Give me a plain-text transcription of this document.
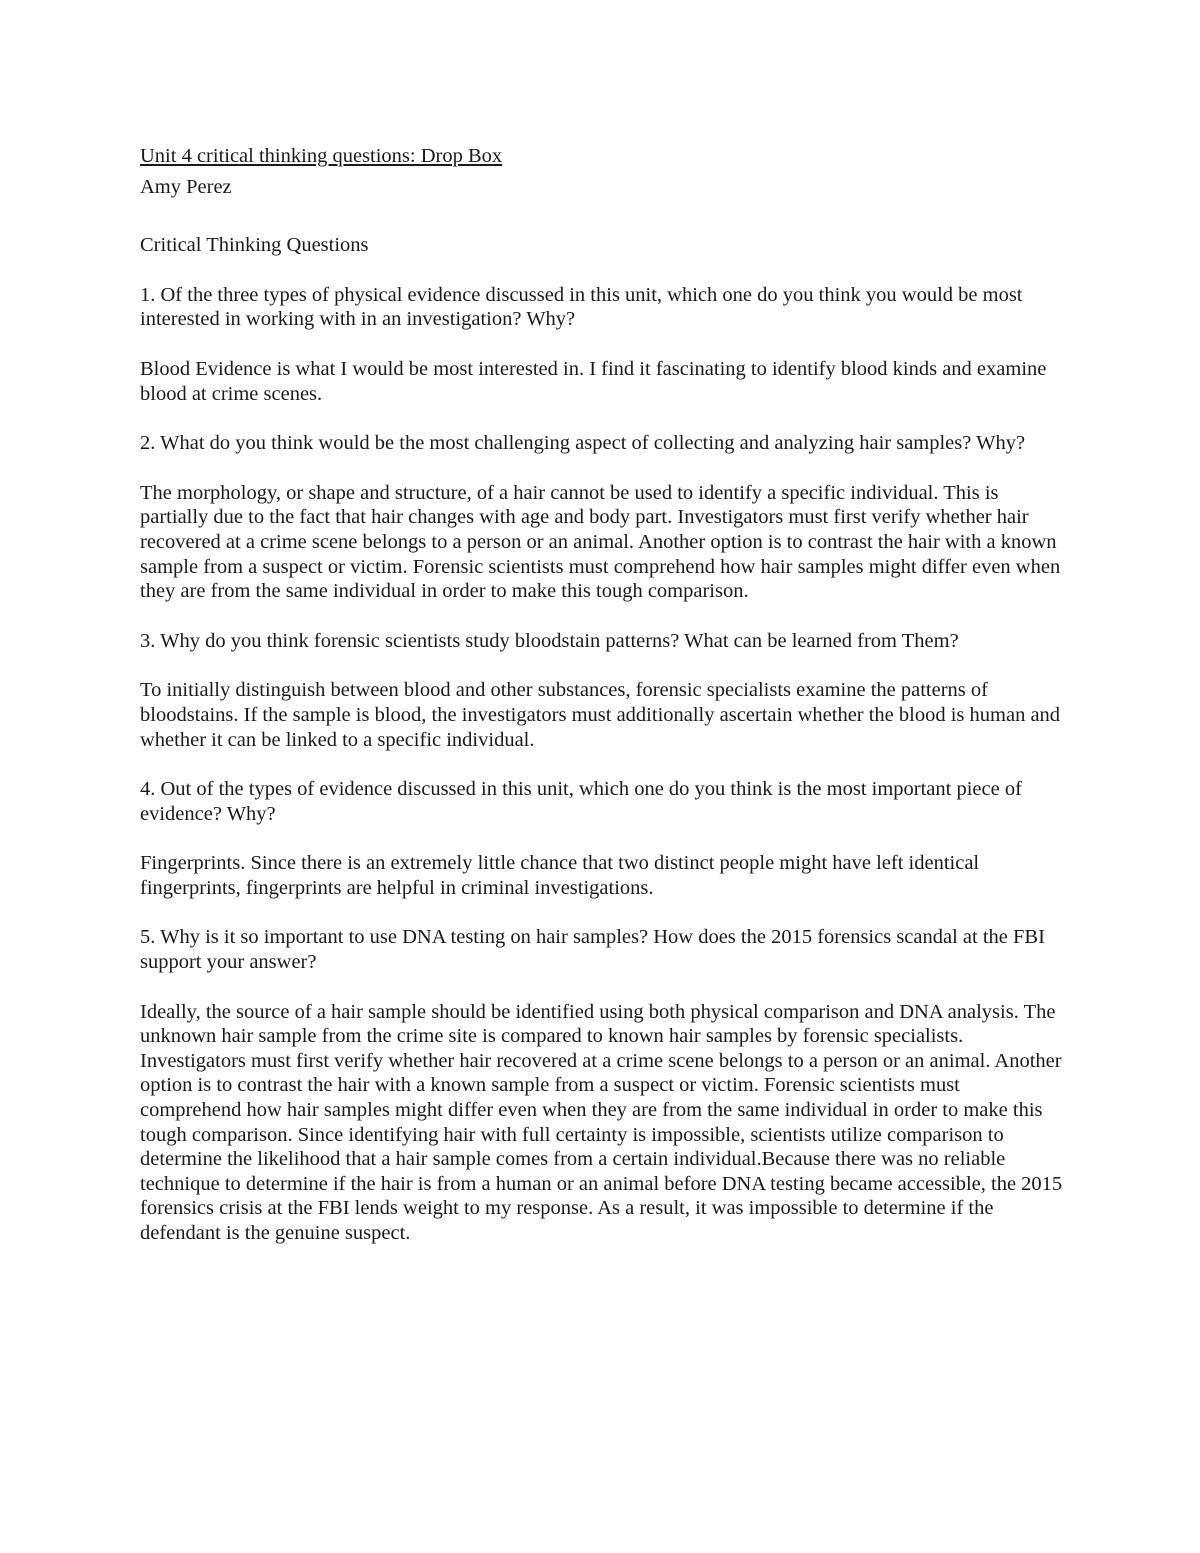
Unit 4 critical thinking questions: Drop Box

Amy Perez

Critical Thinking Questions

1. Of the three types of physical evidence discussed in this unit, which one do you think you would be most interested in working with in an investigation? Why?

Blood Evidence is what I would be most interested in. I find it fascinating to identify blood kinds and examine blood at crime scenes.

2. What do you think would be the most challenging aspect of collecting and analyzing hair samples? Why?

The morphology, or shape and structure, of a hair cannot be used to identify a specific individual. This is partially due to the fact that hair changes with age and body part. Investigators must first verify whether hair recovered at a crime scene belongs to a person or an animal. Another option is to contrast the hair with a known sample from a suspect or victim. Forensic scientists must comprehend how hair samples might differ even when they are from the same individual in order to make this tough comparison.

3. Why do you think forensic scientists study bloodstain patterns? What can be learned from Them?

To initially distinguish between blood and other substances, forensic specialists examine the patterns of bloodstains. If the sample is blood, the investigators must additionally ascertain whether the blood is human and whether it can be linked to a specific individual.

4. Out of the types of evidence discussed in this unit, which one do you think is the most important piece of evidence? Why?

Fingerprints. Since there is an extremely little chance that two distinct people might have left identical fingerprints, fingerprints are helpful in criminal investigations.

5. Why is it so important to use DNA testing on hair samples? How does the 2015 forensics scandal at the FBI support your answer?

Ideally, the source of a hair sample should be identified using both physical comparison and DNA analysis. The unknown hair sample from the crime site is compared to known hair samples by forensic specialists. Investigators must first verify whether hair recovered at a crime scene belongs to a person or an animal. Another option is to contrast the hair with a known sample from a suspect or victim. Forensic scientists must comprehend how hair samples might differ even when they are from the same individual in order to make this tough comparison. Since identifying hair with full certainty is impossible, scientists utilize comparison to determine the likelihood that a hair sample comes from a certain individual.Because there was no reliable technique to determine if the hair is from a human or an animal before DNA testing became accessible, the 2015 forensics crisis at the FBI lends weight to my response. As a result, it was impossible to determine if the defendant is the genuine suspect.
